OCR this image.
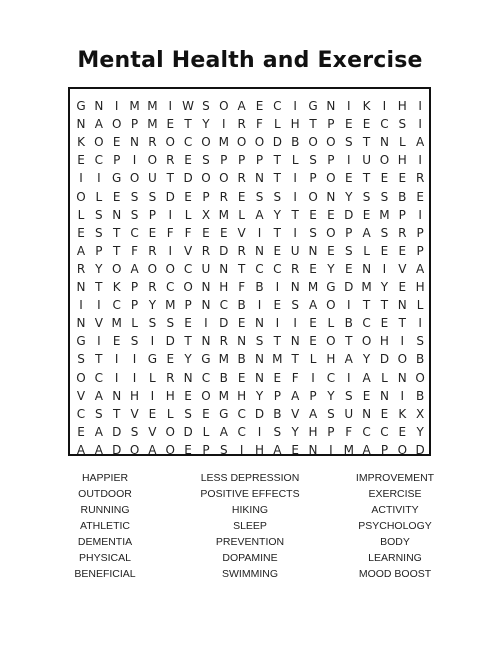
Mental Health and Exercise
G N I M M I W S O A E C I G N I	K	I H I
N A O P M E T Y	I R F L H T P E E C S	I
K O E N R O C O M O O D B O O S T N L A
E C P	I O R E S P P P T L S P	I U O H I
I	I G O U T D O O R N T	I	P O E T E E R
O L E S S D E P R E S S	I O N Y S S B E
L S N S P	I	L X M L A Y T E E D E M P	I
E S T C E F F E E V I	T	I	S O P A S R P
A P T F R I V R D R N E U N E S L E E P
R Y O A O O C U N T C C R E Y E N I V A
N T K P R C O N H F B I N M G D M Y E H
I	I C P Y M P N C B I	E S A O I	T T N L
N V M L S S E	I D E N I	I	E L B C E T	I
G I	E S	I D T N R N S T N E O T O H I	S
S T	I	I G E Y G M B N M T L H A Y D O B
O C I	I	L R N C B E N E F	I C I A L N O
V A N H I H E O M H Y P A P Y S E N I B
C S T V E L S E G C D B V A S U N E K X
E A D S V O D L A C I	S Y H P F C C E Y
A A D O A O E P S	I H A E N I M A P O D
HAPPIER
OUTDOOR
RUNNING
ATHLETIC
DEMENTIA
PHYSICAL
BENEFICIAL
LESS DEPRESSION
POSITIVE EFFECTS
HIKING
SLEEP
PREVENTION
DOPAMINE
SWIMMING
IMPROVEMENT
EXERCISE
ACTIVITY
PSYCHOLOGY
BODY
LEARNING
MOOD BOOST
